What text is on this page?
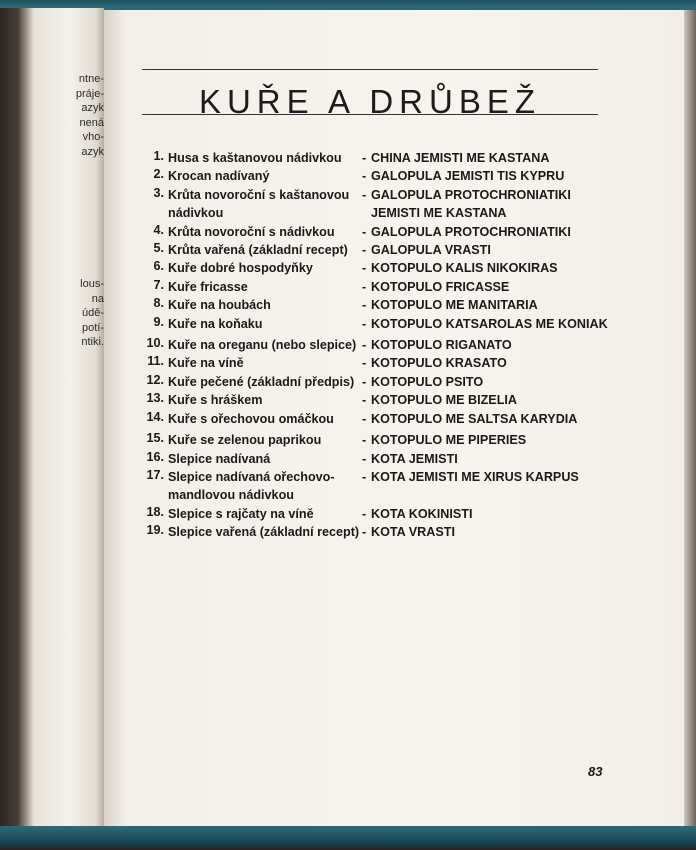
ntne-
práje-
azyk
nená
vho-
azyk
lous-
na
údě-
potí-
ntiki.
KUŘE A DRŮBEŽ
1. Husa s kaštanovou nádivkou	- CHINA JEMISTI ME KASTANA
2. Krocan nadívaný	- GALOPULA JEMISTI TIS KYPRU
3. Krůta novoroční s kaštanovou nádivkou
- GALOPULA PROTOCHRONIATIKI JEMISTI ME KASTANA
4. Krůta novoroční s nádivkou	- GALOPULA PROTOCHRONIATIKI
5. Krůta vařená (základní recept)	- GALOPULA VRASTI
6. Kuře dobré hospodyňky	- KOTOPULO KALIS NIKOKIRAS
7. Kuře fricasse	- KOTOPULO FRICASSE
8. Kuře na houbách	- KOTOPULO ME MANITARIA
9. Kuře na koňaku	- KOTOPULO KATSAROLAS ME KONIAK
10. Kuře na oreganu (nebo slepice) - KOTOPULO RIGANATO
11. Kuře na víně	- KOTOPULO KRASATO
12. Kuře pečené (základní předpis) - KOTOPULO PSITO
13. Kuře s hráškem	- KOTOPULO ME BIZELIA
14. Kuře s ořechovou omáčkou	- KOTOPULO ME SALTSA KARYDIA
15. Kuře se zelenou paprikou	- KOTOPULO ME PIPERIES
16. Slepice nadívaná	- KOTA JEMISTI
17. Slepice nadívaná ořechovo-mandlovou nádivkou
- KOTA JEMISTI ME XIRUS KARPUS
18. Slepice s rajčaty na víně	- KOTA KOKINISTI
19. Slepice vařená (základní recept) - KOTA VRASTI
83
